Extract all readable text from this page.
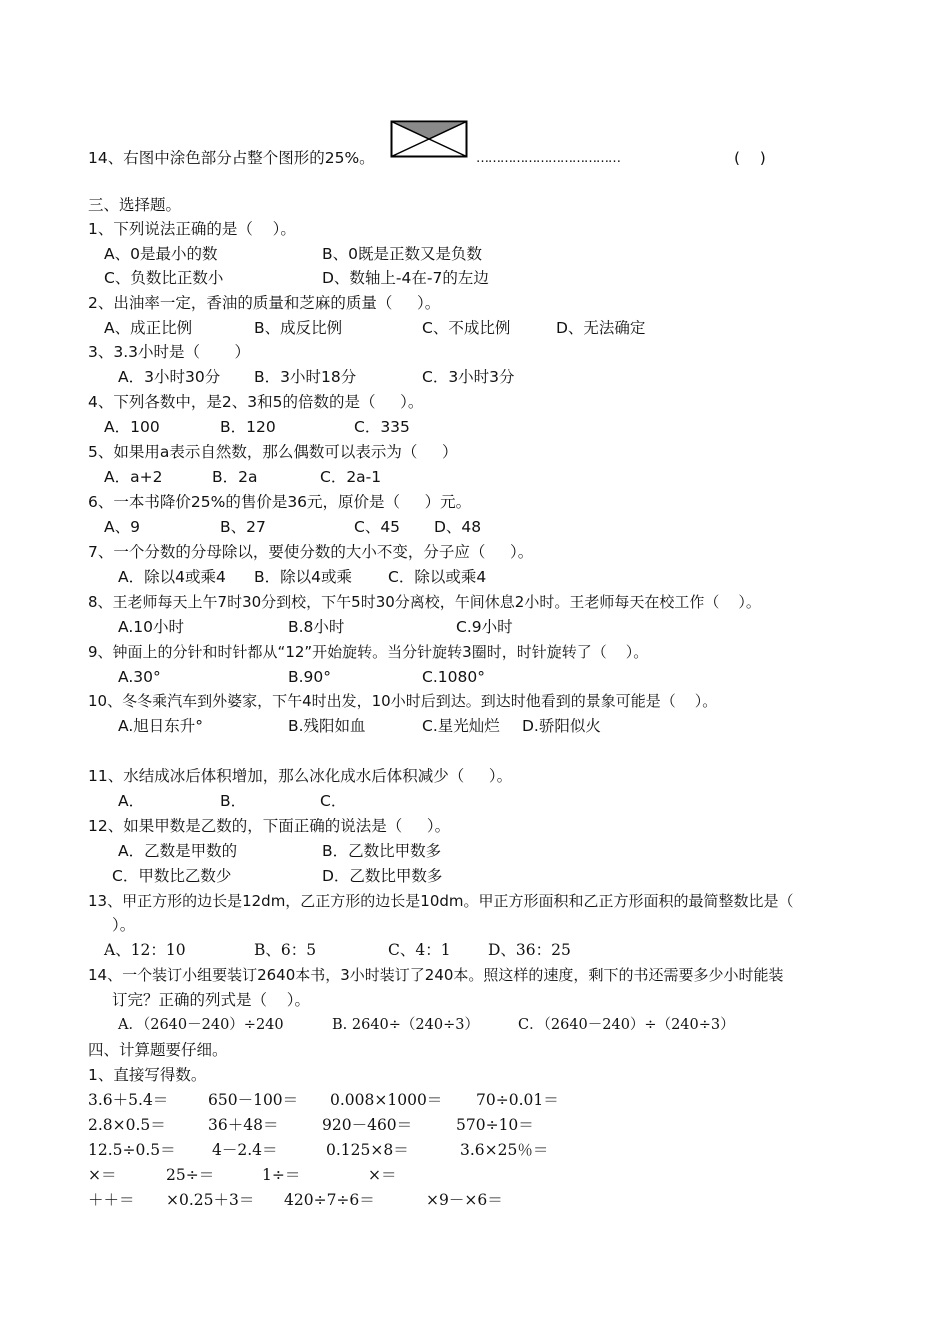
14、右图中涂色部分占整个图形的25%。	………………………………	(    )
三、选择题。
1、下列说法正确的是（    ）。
A、0是最小的数	B、0既是正数又是负数
C、负数比正数小	D、数轴上-4在-7的左边
2、出油率一定，香油的质量和芝麻的质量（     ）。
A、成正比例	B、成反比例	C、不成比例	D、无法确定
3、3.3小时是（       ）
A．3小时30分 B．3小时18分	C．3小时3分
4、下列各数中，是2、3和5的倍数的是（     ）。
A．100	B．120	C．335
5、如果用a表示自然数，那么偶数可以表示为（     ）
A．a+2	B．2a	C．2a-1
6、一本书降价25%的售价是36元，原价是（     ）元。
A、9	B、27	C、45 D、48
7、一个分数的分母除以，要使分数的大小不变，分子应（     ）。
A．除以4或乘4 B．除以4或乘 C．除以或乘4
8、王老师每天上午7时30分到校，下午5时30分离校，午间休息2小时。王老师每天在校工作（    ）。
A.10小时	B.8小时	C.9小时
9、钟面上的分针和时针都从“12”开始旋转。当分针旋转3圈时，时针旋转了（    ）。
A.30°	B.90°	C.1080°
10、冬冬乘汽车到外婆家，下午4时出发，10小时后到达。到达时他看到的景象可能是（    ）。
A.旭日东升°	B.残阳如血	C.星光灿烂 D.骄阳似火
11、水结成冰后体积增加，那么冰化成水后体积减少（     ）。
A．	B．	C．
12、如果甲数是乙数的，下面正确的说法是（     ）。
A．乙数是甲数的	B．乙数比甲数多
C．甲数比乙数少	D．乙数比甲数多
13、甲正方形的边长是12dm，乙正方形的边长是10dm。甲正方形面积和乙正方形面积的最简整数比是（
）。
A、12：10	B、6：5	C、4：1 D、36：25
14、一个装订小组要装订2640本书，3小时装订了240本。照这样的速度，剩下的书还需要多少小时能装
订完？正确的列式是（    ）。
A．（2640－240）÷240	B. 2640÷（240÷3）	C．（2640－240）÷（240÷3）
四、计算题要仔细。
1、直接写得数。
3.6＋5.4＝	650－100＝ 0.008×1000＝ 70÷0.01＝
2.8×0.5＝	36＋48＝	920－460＝	570÷10＝
12.5÷0.5＝ 4－2.4＝	0.125×8＝	3.6×25％＝
×＝	25÷＝	1÷＝	×＝
＋＋＝ ×0.25＋3＝ 420÷7÷6＝	×9－×6＝
